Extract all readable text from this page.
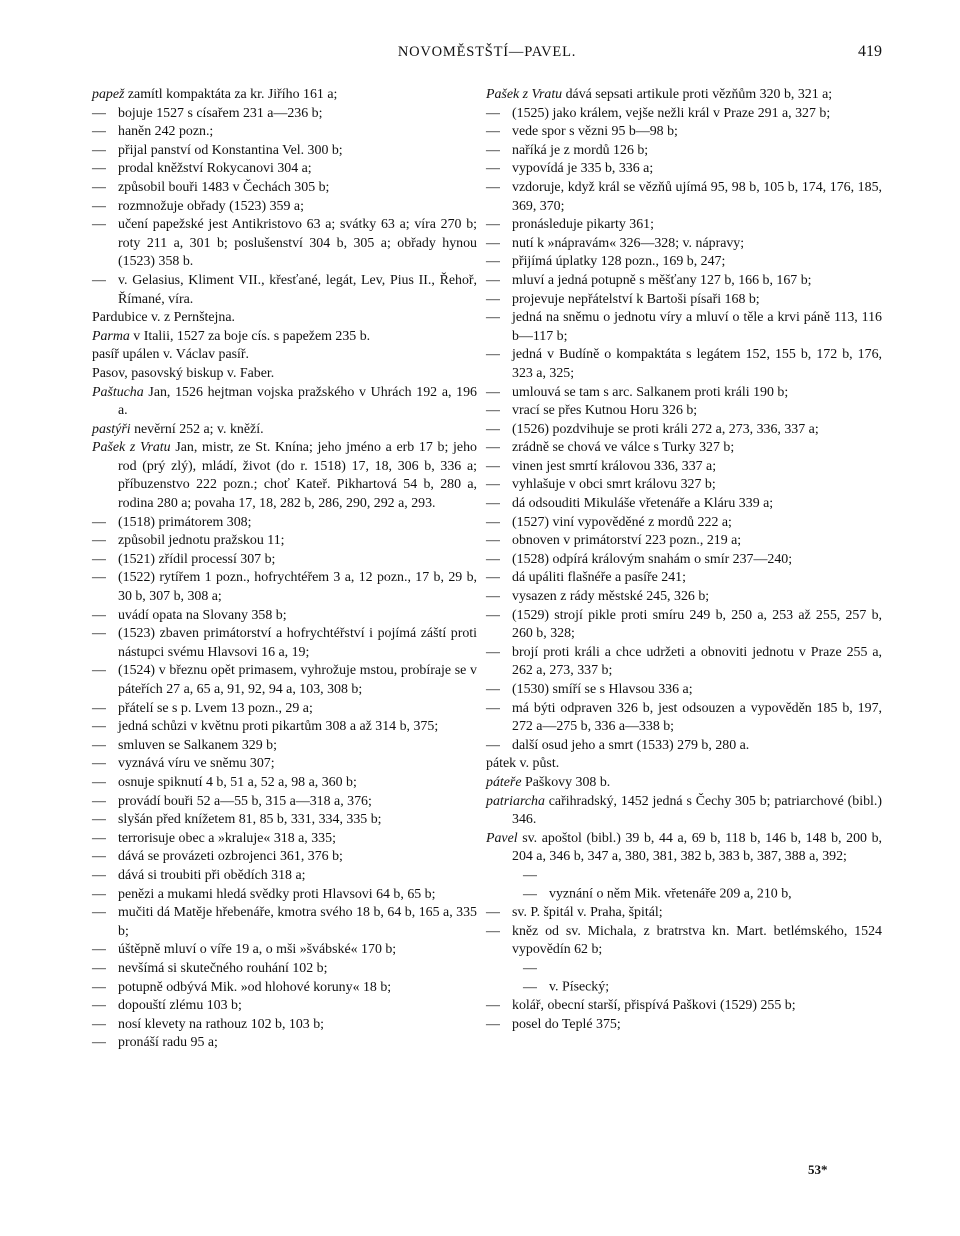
NOVOMĚSTŠTÍ—PAVEL.	419
papež zamítl kompaktáta za kr. Jiřího 161 a;
— bojuje 1527 s císařem 231 a—236 b;
— haněn 242 pozn.;
— přijal panství od Konstantina Vel. 300 b;
— prodal kněžství Rokycanovi 304 a;
— způsobil bouři 1483 v Čechách 305 b;
— rozmnožuje obřady (1523) 359 a;
— učení papežské jest Antikristovo 63 a; svátky 63 a; víra 270 b; roty 211 a, 301 b; poslušenství 304 b, 305 a; obřady hynou (1523) 358 b.
— v. Gelasius, Kliment VII., křesťané, legát, Lev, Pius II., Řehoř, Římané, víra.
Pardubice v. z Pernštejna.
Parma v Italii, 1527 za boje cís. s papežem 235 b.
pasíř upálen v. Václav pasíř.
Pasov, pasovský biskup v. Faber.
Paštucha Jan, 1526 hejtman vojska pražského v Uhrách 192 a, 196 a.
pastýři nevěrní 252 a; v. kněží.
Pašek z Vratu Jan, mistr, ze St. Knína; jeho jméno a erb 17 b; jeho rod (prý zlý), mládí, život (do r. 1518) 17, 18, 306 b, 336 a; příbuzenstvo 222 pozn.; choť Kateř. Pikhartová 54 b, 280 a, rodina 280 a; povaha 17, 18, 282 b, 286, 290, 292 a, 293.
— (1518) primátorem 308;
— způsobil jednotu pražskou 11;
— (1521) zřídil processí 307 b;
— (1522) rytířem 1 pozn., hofrychtéřem 3 a, 12 pozn., 17 b, 29 b, 30 b, 307 b, 308 a;
— uvádí opata na Slovany 358 b;
— (1523) zbaven primátorství a hofrychtéřství i pojímá záští proti nástupci svému Hlavsovi 16 a, 19;
— (1524) v březnu opět primasem, vyhrožuje mstou, probíraje se v páteřích 27 a, 65 a, 91, 92, 94 a, 103, 308 b;
— přátelí se s p. Lvem 13 pozn., 29 a;
— jedná schůzi v květnu proti pikartům 308 a až 314 b, 375;
— smluven se Salkanem 329 b;
— vyznává víru ve sněmu 307;
— osnuje spiknutí 4 b, 51 a, 52 a, 98 a, 360 b;
— provádí bouři 52 a—55 b, 315 a—318 a, 376;
— slyšán před knížetem 81, 85 b, 331, 334, 335 b;
— terrorisuje obec a »kraluje« 318 a, 335;
— dává se provázeti ozbrojenci 361, 376 b;
— dává si troubiti při obědích 318 a;
— penězi a mukami hledá svědky proti Hlavsovi 64 b, 65 b;
— mučiti dá Matěje hřebenáře, kmotra svého 18 b, 64 b, 165 a, 335 b;
— úštěpně mluví o víře 19 a, o mši »švábské« 170 b;
— nevšímá si skutečného rouhání 102 b;
— potupně odbývá Mik. »od hlohové koruny« 18 b;
— dopouští zlému 103 b;
— nosí klevety na rathouz 102 b, 103 b;
— pronáší radu 95 a;
Pašek z Vratu dává sepsati artikule proti vězňům 320 b, 321 a;
— (1525) jako králem, vejše nežli král v Praze 291 a, 327 b;
— vede spor s vězni 95 b—98 b;
— naříká je z mordů 126 b;
— vypovídá je 335 b, 336 a;
— vzdoruje, když král se vězňů ujímá 95, 98 b, 105 b, 174, 176, 185, 369, 370;
— pronásleduje pikarty 361;
— nutí k »nápravám« 326—328; v. nápravy;
— přijímá úplatky 128 pozn., 169 b, 247;
— mluví a jedná potupně s měšťany 127 b, 166 b, 167 b;
— projevuje nepřátelství k Bartoši písaři 168 b;
— jedná na sněmu o jednotu víry a mluví o těle a krvi páně 113, 116 b—117 b;
— jedná v Budíně o kompaktáta s legátem 152, 155 b, 172 b, 176, 323 a, 325;
— umlouvá se tam s arc. Salkanem proti králi 190 b;
— vrací se přes Kutnou Horu 326 b;
— (1526) pozdvihuje se proti králi 272 a, 273, 336, 337 a;
— zrádně se chová ve válce s Turky 327 b;
— vinen jest smrtí královou 336, 337 a;
— vyhlašuje v obci smrt královu 327 b;
— dá odsouditi Mikuláše vřetenáře a Kláru 339 a;
— (1527) viní vypověděné z mordů 222 a;
— obnoven v primátorství 223 pozn., 219 a;
— (1528) odpírá královým snahám o smír 237—240;
— dá upáliti flašnéře a pasíře 241;
— vysazen z rády městské 245, 326 b;
— (1529) strojí pikle proti smíru 249 b, 250 a, 253 až 255, 257 b, 260 b, 328;
— brojí proti králi a chce udržeti a obnoviti jednotu v Praze 255 a, 262 a, 273, 337 b;
— (1530) smíří se s Hlavsou 336 a;
— má býti odpraven 326 b, jest odsouzen a vypověděn 185 b, 197, 272 a—275 b, 336 a—338 b;
— další osud jeho a smrt (1533) 279 b, 280 a.
pátek v. půst.
páteře Paškovy 308 b.
patriarcha cařihradský, 1452 jedná s Čechy 305 b; patriarchové (bibl.) 346.
Pavel sv. apoštol (bibl.) 39 b, 44 a, 69 b, 118 b, 146 b, 148 b, 200 b, 204 a, 346 b, 347 a, 380, 381, 382 b, 383 b, 387, 388 a, 392;
— — vyznání o něm Mik. vřetenáře 209 a, 210 b,
— sv. P. špitál v. Praha, špitál;
— kněz od sv. Michala, z bratrstva kn. Mart. betlémského, 1524 vypovědín 62 b;
— — v. Písecký;
— kolář, obecní starší, přispívá Paškovi (1529) 255 b;
— posel do Teplé 375;
53*
